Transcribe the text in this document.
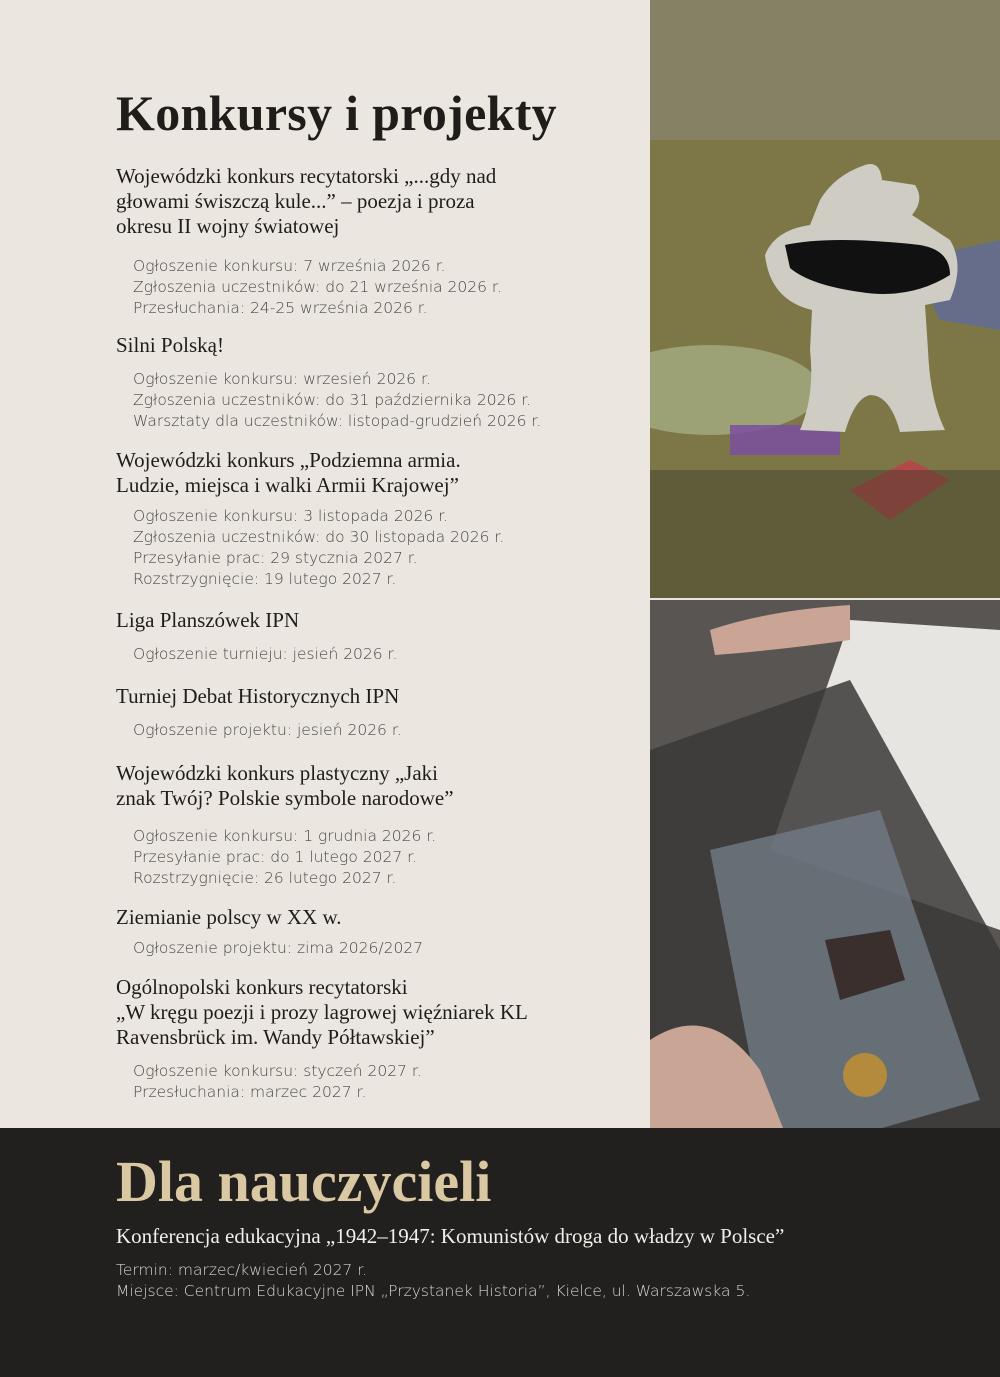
Konkursy i projekty
Wojewódzki konkurs recytatorski „...gdy nad
głowami świszczą kule...” – poezja i proza
okresu II wojny światowej
Ogłoszenie konkursu: 7 września 2026 r.
Zgłoszenia uczestników: do 21 września 2026 r.
Przesłuchania: 24-25 września 2026 r.
Silni Polską!
Ogłoszenie konkursu: wrzesień 2026 r.
Zgłoszenia uczestników: do 31 października 2026 r.
Warsztaty dla uczestników: listopad-grudzień 2026 r.
Wojewódzki konkurs „Podziemna armia.
Ludzie, miejsca i walki Armii Krajowej”
Ogłoszenie konkursu: 3 listopada 2026 r.
Zgłoszenia uczestników: do 30 listopada 2026 r.
Przesyłanie prac: 29 stycznia 2027 r.
Rozstrzygnięcie: 19 lutego 2027 r.
Liga Planszówek IPN
Ogłoszenie turnieju: jesień 2026 r.
Turniej Debat Historycznych IPN
Ogłoszenie projektu: jesień 2026 r.
Wojewódzki konkurs plastyczny „Jaki
znak Twój? Polskie symbole narodowe”
Ogłoszenie konkursu: 1 grudnia 2026 r.
Przesyłanie prac: do 1 lutego 2027 r.
Rozstrzygnięcie: 26 lutego 2027 r.
Ziemianie polscy w XX w.
Ogłoszenie projektu: zima 2026/2027
Ogólnopolski konkurs recytatorski
„W kręgu poezji i prozy lagrowej więźniarek KL
Ravensbrück im. Wandy Półtawskiej”
Ogłoszenie konkursu: styczeń 2027 r.
Przesłuchania: marzec 2027 r.
Dla nauczycieli
Konferencja edukacyjna „1942–1947: Komunistów droga do władzy w Polsce”
Termin: marzec/kwiecień 2027 r.
Miejsce: Centrum Edukacyjne IPN „Przystanek Historia”, Kielce, ul. Warszawska 5.
